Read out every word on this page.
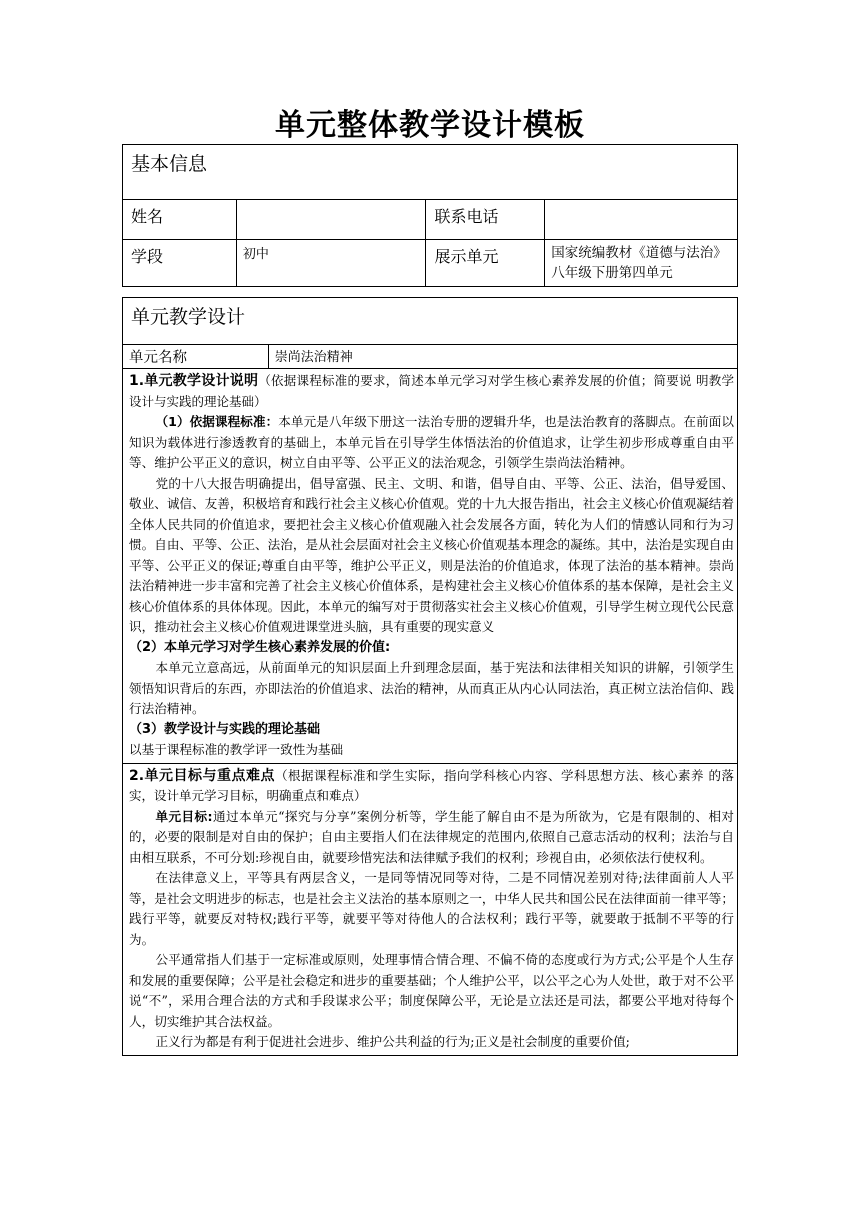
单元整体教学设计模板
基本信息			
姓名		联系电话	
学段	初中	展示单元	国家统编教材《道德与法治》八年级下册第四单元
单元教学设计
单元名称	崇尚法治精神

1.单元教学设计说明（依据课程标准的要求，简述本单元学习对学生核心素养发展的价值；简要说 明教学设计与实践的理论基础）

（1）依据课程标准：本单元是八年级下册这一法治专册的逻辑升华，也是法治教育的落脚点。在前面以知识为载体进行渗透教育的基础上，本单元旨在引导学生体悟法治的价值追求，让学生初步形成尊重自由平等、维护公平正义的意识，树立自由平等、公平正义的法治观念，引领学生崇尚法治精神。

党的十八大报告明确提出，倡导富强、民主、文明、和谐，倡导自由、平等、公正、法治，倡导爱国、敬业、诚信、友善，积极培育和践行社会主义核心价值观。党的十九大报告指出，社会主义核心价值观凝结着全体人民共同的价值追求，要把社会主义核心价值观融入社会发展各方面，转化为人们的情感认同和行为习惯。自由、平等、公正、法治，是从社会层面对社会主义核心价值观基本理念的凝练。其中，法治是实现自由平等、公平正义的保证;尊重自由平等，维护公平正义，则是法治的价值追求，体现了法治的基本精神。崇尚法治精神进一步丰富和完善了社会主义核心价值体系，是构建社会主义核心价值体系的基本保障，是社会主义核心价值体系的具体体现。因此，本单元的编写对于贯彻落实社会主义核心价值观，引导学生树立现代公民意识，推动社会主义核心价值观进课堂进头脑，具有重要的现实意义

（2）本单元学习对学生核心素养发展的价值:

本单元立意高远，从前面单元的知识层面上升到理念层面，基于宪法和法律相关知识的讲解，引领学生领悟知识背后的东西，亦即法治的价值追求、法治的精神，从而真正从内心认同法治，真正树立法治信仰、践行法治精神。

（3）教学设计与实践的理论基础

以基于课程标准的教学评一致性为基础

2.单元目标与重点难点（根据课程标准和学生实际，指向学科核心内容、学科思想方法、核心素养 的落实，设计单元学习目标，明确重点和难点）

单元目标:通过本单元“探究与分享”案例分析等，学生能了解自由不是为所欲为，它是有限制的、相对的，必要的限制是对自由的保护；自由主要指人们在法律规定的范围内,依照自己意志活动的权利；法治与自由相互联系，不可分划:珍视自由，就要珍惜宪法和法律赋予我们的权利；珍视自由，必须依法行使权利。

在法律意义上，平等具有两层含义，一是同等情况同等对待，二是不同情况差别对待;法律面前人人平等，是社会文明进步的标志，也是社会主义法治的基本原则之一，中华人民共和国公民在法律面前一律平等；践行平等，就要反对特权;践行平等，就要平等对待他人的合法权利；践行平等，就要敢于抵制不平等的行为。

公平通常指人们基于一定标准或原则，处理事情合情合理、不偏不倚的态度或行为方式;公平是个人生存和发展的重要保障；公平是社会稳定和进步的重要基础；个人维护公平，以公平之心为人处世，敢于对不公平说“不”，采用合理合法的方式和手段谋求公平；制度保障公平，无论是立法还是司法，都要公平地对待每个人，切实维护其合法权益。

正义行为都是有利于促进社会进步、维护公共利益的行为;正义是社会制度的重要价值;
